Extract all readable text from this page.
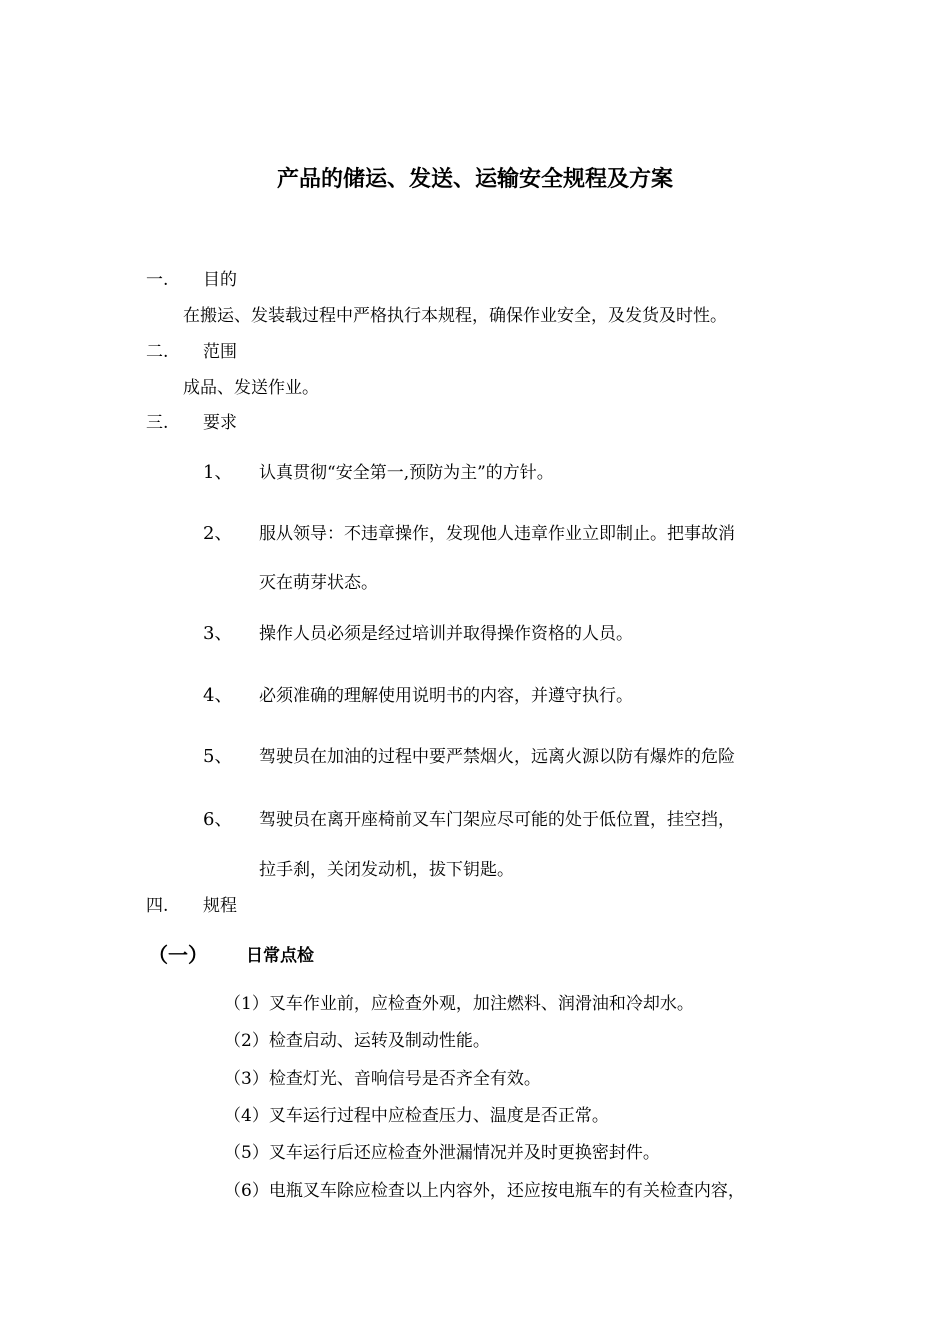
产品的储运、发送、运输安全规程及方案
一. 目的
在搬运、发装载过程中严格执行本规程，确保作业安全，及发货及时性。
二. 范围
成品、发送作业。
三. 要求
1、 认真贯彻“安全第一,预防为主”的方针。
2、 服从领导：不违章操作，发现他人违章作业立即制止。把事故消
灭在萌芽状态。
3、 操作人员必须是经过培训并取得操作资格的人员。
4、 必须准确的理解使用说明书的内容，并遵守执行。
5、 驾驶员在加油的过程中要严禁烟火，远离火源以防有爆炸的危险
6、 驾驶员在离开座椅前叉车门架应尽可能的处于低位置，挂空挡，
拉手刹，关闭发动机，拔下钥匙。
四. 规程
（一） 日常点检
（1）叉车作业前，应检查外观，加注燃料、润滑油和冷却水。
（2）检查启动、运转及制动性能。
（3）检查灯光、音响信号是否齐全有效。
（4）叉车运行过程中应检查压力、温度是否正常。
（5）叉车运行后还应检查外泄漏情况并及时更换密封件。
（6）电瓶叉车除应检查以上内容外，还应按电瓶车的有关检查内容，
